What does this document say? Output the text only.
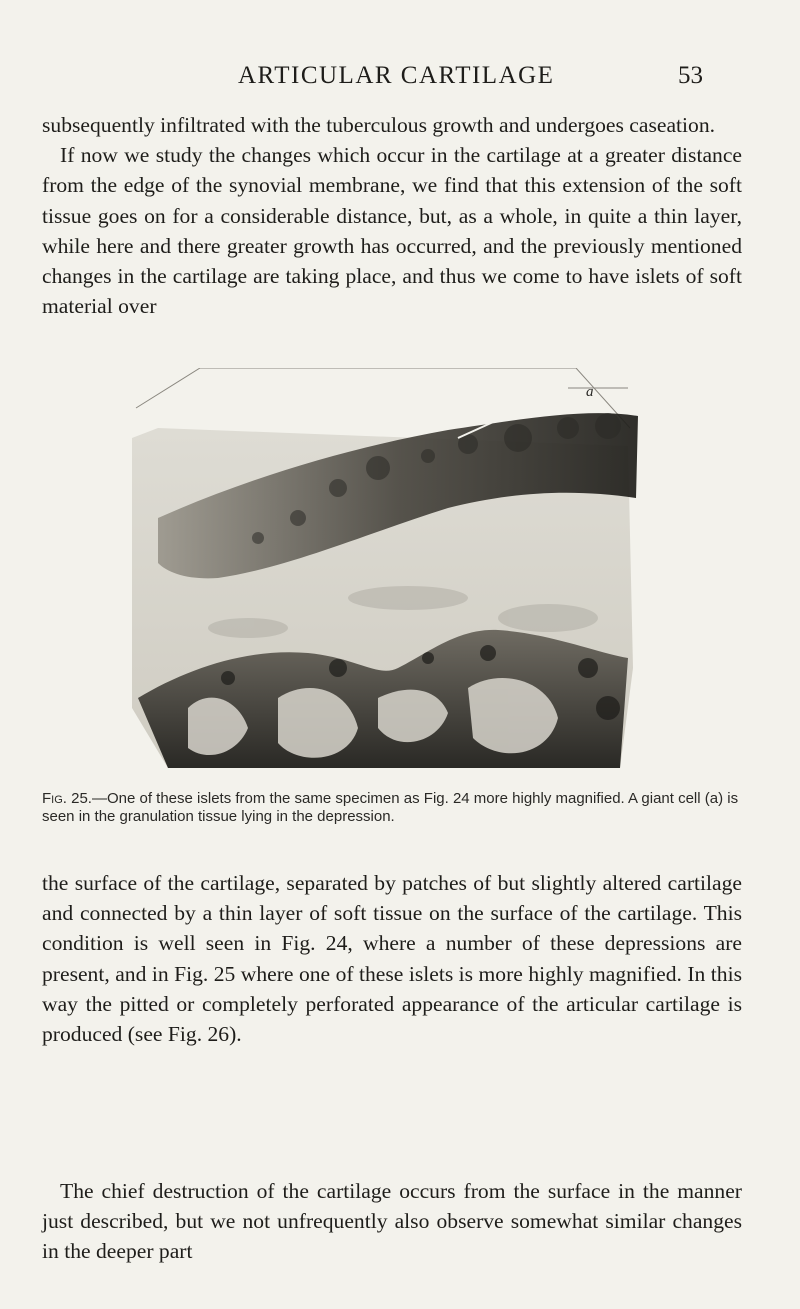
ARTICULAR CARTILAGE	53

subsequently infiltrated with the tuberculous growth and undergoes caseation.
If now we study the changes which occur in the cartilage at a greater distance from the edge of the synovial membrane, we find that this extension of the soft tissue goes on for a considerable distance, but, as a whole, in quite a thin layer, while here and there greater growth has occurred, and the previously mentioned changes in the cartilage are taking place, and thus we come to have islets of soft material over

a

Fig. 25.—One of these islets from the same specimen as Fig. 24 more highly magnified. A giant cell (a) is seen in the granulation tissue lying in the depression.

the surface of the cartilage, separated by patches of but slightly altered cartilage and connected by a thin layer of soft tissue on the surface of the cartilage. This condition is well seen in Fig. 24, where a number of these depressions are present, and in Fig. 25 where one of these islets is more highly magnified. In this way the pitted or completely perforated appearance of the articular cartilage is produced (see Fig. 26).

The chief destruction of the cartilage occurs from the surface in the manner just described, but we not unfrequently also observe somewhat similar changes in the deeper part
